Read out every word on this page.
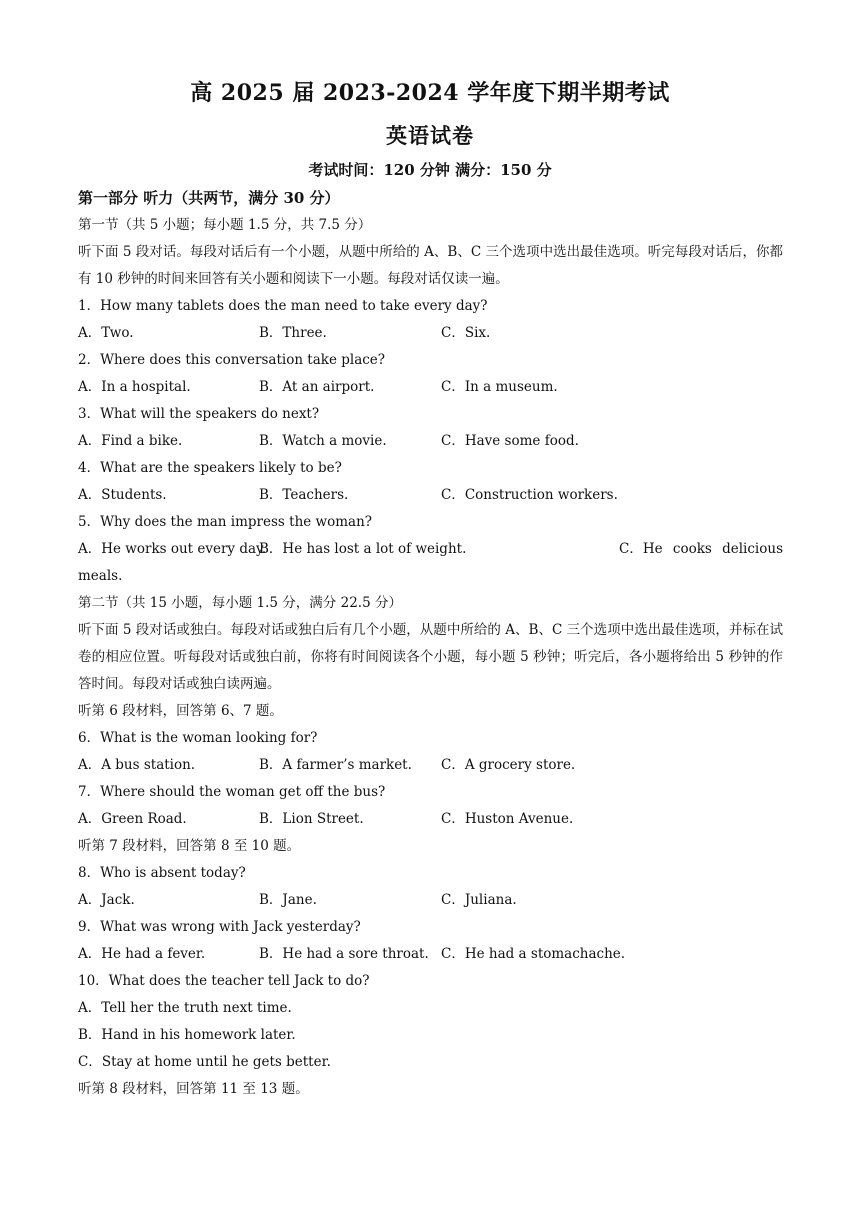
高 2025 届 2023-2024 学年度下期半期考试
英语试卷
考试时间：120 分钟 满分：150 分
第一部分 听力（共两节，满分 30 分）
第一节（共 5 小题；每小题 1.5 分，共 7.5 分）
听下面 5 段对话。每段对话后有一个小题，从题中所给的 A、B、C 三个选项中选出最佳选项。听完每段对话后，你都有 10 秒钟的时间来回答有关小题和阅读下一小题。每段对话仅读一遍。
1．How many tablets does the man need to take every day?
A．Two.	B．Three.	C．Six.
2．Where does this conversation take place?
A．In a hospital.	B．At an airport.	C．In a museum.
3．What will the speakers do next?
A．Find a bike.	B．Watch a movie.	C．Have some food.
4．What are the speakers likely to be?
A．Students.	B．Teachers.	C．Construction workers.
5．Why does the man impress the woman?
A．He works out every day.
B．He has lost a lot of weight.	C．He cooks delicious
meals.
第二节（共 15 小题，每小题 1.5 分，满分 22.5 分）
听下面 5 段对话或独白。每段对话或独白后有几个小题，从题中所给的 A、B、C 三个选项中选出最佳选项，并标在试卷的相应位置。听每段对话或独白前，你将有时间阅读各个小题，每小题 5 秒钟；听完后，各小题将给出 5 秒钟的作答时间。每段对话或独白读两遍。
听第 6 段材料，回答第 6、7 题。
6．What is the woman looking for?
A．A bus station.	B．A farmer’s market. C．A grocery store.
7．Where should the woman get off the bus?
A．Green Road.	B．Lion Street.	C．Huston Avenue.
听第 7 段材料，回答第 8 至 10 题。
8．Who is absent today?
A．Jack.	B．Jane.	C．Juliana.
9．What was wrong with Jack yesterday?
A．He had a fever.	B．He had a sore throat. C．He had a stomachache.
10．What does the teacher tell Jack to do?
A．Tell her the truth next time.
B．Hand in his homework later.
C．Stay at home until he gets better.
听第 8 段材料，回答第 11 至 13 题。
